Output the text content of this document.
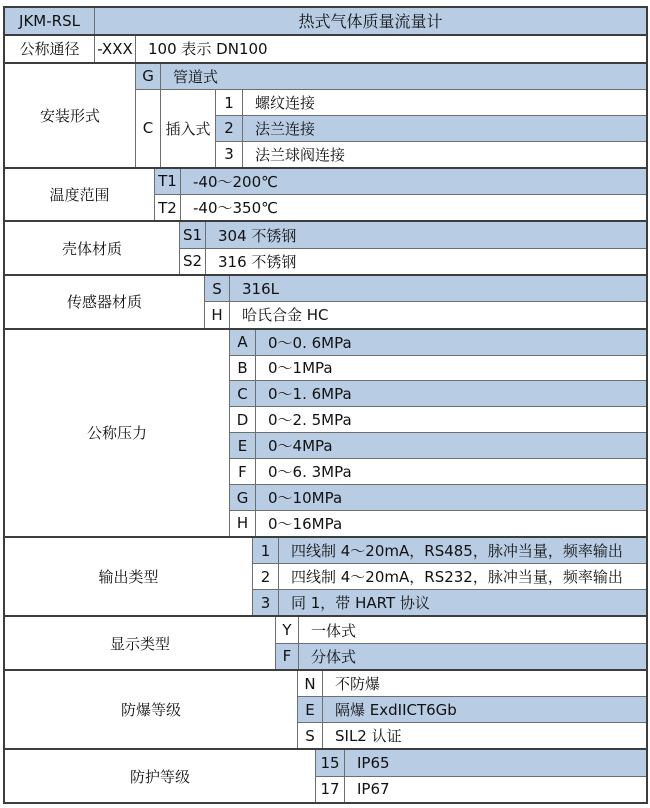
JKM-RSL	热式气体质量流量计
公称通径	-XXX	100 表示 DN100
安装形式
G	管道式
C 插入式
1	螺纹连接
2	法兰连接
3	法兰球阀连接
温度范围
T1	-40～200℃
T2	-40～350℃
壳体材质
S1	304 不锈钢
S2	316 不锈钢
传感器材质
S	316L
H	哈氏合金 HC
公称压力
A	0～0. 6MPa
B	0～1MPa
C	0～1. 6MPa
D	0～2. 5MPa
E	0～4MPa
F	0～6. 3MPa
G	0～10MPa
H	0～16MPa
输出类型
1	四线制 4～20mA，RS485，脉冲当量，频率输出
2	四线制 4～20mA，RS232，脉冲当量，频率输出
3	同 1，带 HART 协议
显示类型
Y	一体式
F	分体式
防爆等级
N	不防爆
E	隔爆 ExdIICT6Gb
S	SIL2 认证
防护等级
15	IP65
17	IP67
